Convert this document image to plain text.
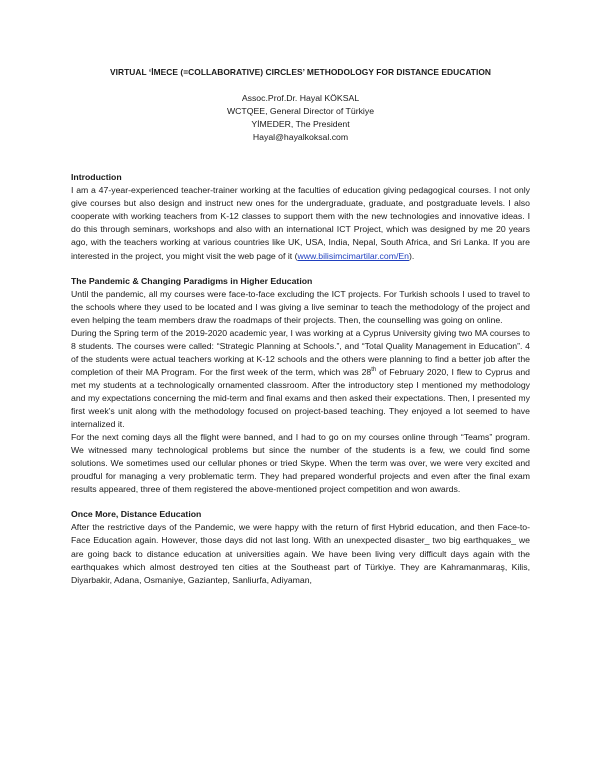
VIRTUAL ‘İMECE (=COLLABORATIVE) CIRCLES’ METHODOLOGY FOR DISTANCE EDUCATION

Assoc.Prof.Dr. Hayal KÖKSAL

WCTQEE, General Director of Türkiye

YİMEDER, The President

Hayal@hayalkoksal.com

Introduction

I am a 47-year-experienced teacher-trainer working at the faculties of education giving pedagogical courses. I not only give courses but also design and instruct new ones for the undergraduate, graduate, and postgraduate levels. I also cooperate with working teachers from K-12 classes to support them with the new technologies and innovative ideas. I do this through seminars, workshops and also with an international ICT Project, which was designed by me 20 years ago, with the teachers working at various countries like UK, USA, India, Nepal, South Africa, and Sri Lanka. If you are interested in the project, you might visit the web page of it (www.bilisimcimartilar.com/En).

The Pandemic & Changing Paradigms in Higher Education

Until the pandemic, all my courses were face-to-face excluding the ICT projects. For Turkish schools I used to travel to the schools where they used to be located and I was giving a live seminar to teach the methodology of the project and even helping the team members draw the roadmaps of their projects. Then, the counselling was going on online.

During the Spring term of the 2019-2020 academic year, I was working at a Cyprus University giving two MA courses to 8 students. The courses were called: “Strategic Planning at Schools.”, and “Total Quality Management in Education”. 4 of the students were actual teachers working at K-12 schools and the others were planning to find a better job after the completion of their MA Program. For the first week of the term, which was 28th of February 2020, I flew to Cyprus and met my students at a technologically ornamented classroom. After the introductory step I mentioned my methodology and my expectations concerning the mid-term and final exams and then asked their expectations. Then, I presented my first week’s unit along with the methodology focused on project-based teaching. They enjoyed a lot seemed to have internalized it.

For the next coming days all the flight were banned, and I had to go on my courses online through “Teams” program. We witnessed many technological problems but since the number of the students is a few, we could find some solutions. We sometimes used our cellular phones or tried Skype. When the term was over, we were very excited and proudful for managing a very problematic term. They had prepared wonderful projects and even after the final exam results appeared, three of them registered the above-mentioned project competition and won awards.

Once More, Distance Education

After the restrictive days of the Pandemic, we were happy with the return of first Hybrid education, and then Face-to-Face Education again. However, those days did not last long. With an unexpected disaster_ two big earthquakes_ we are going back to distance education at universities again. We have been living very difficult days again with the earthquakes which almost destroyed ten cities at the Southeast part of Türkiye. They are Kahramanmaraş, Kilis, Diyarbakir, Adana, Osmaniye, Gaziantep, Sanliurfa, Adiyaman,
